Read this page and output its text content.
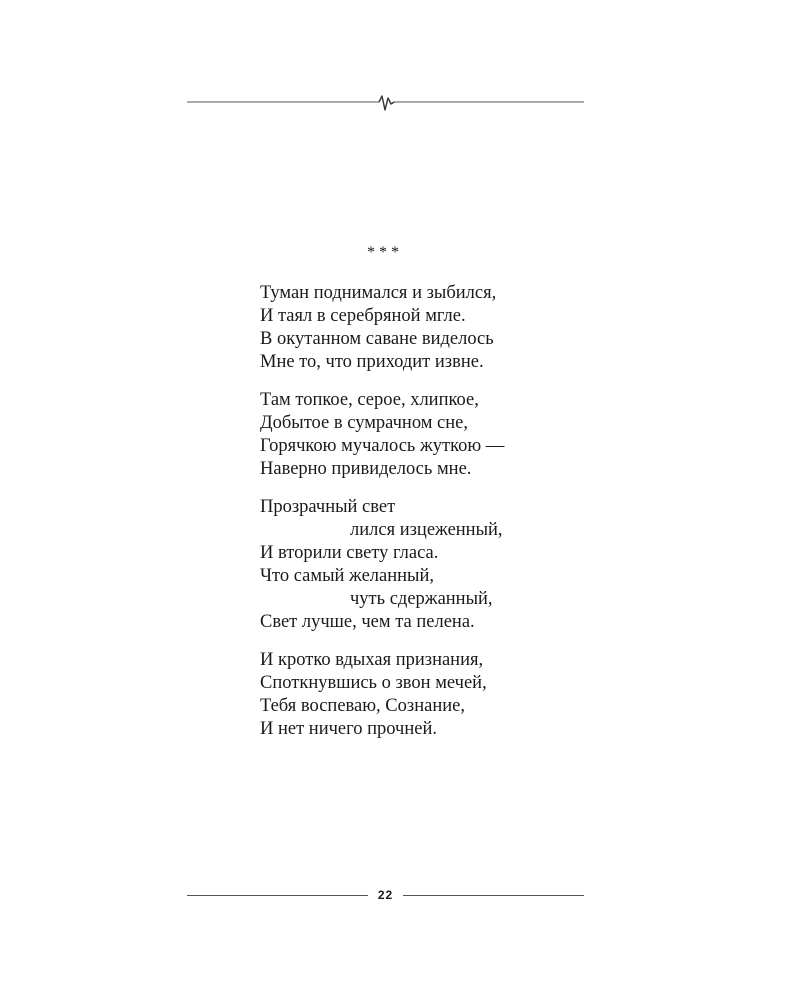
***
Туман поднимался и зыбился,
И таял в серебряной мгле.
В окутанном саване виделось
Мне то, что приходит извне.
Там топкое, серое, хлипкое,
Добытое в сумрачном сне,
Горячкою мучалось жуткою —
Наверно привиделось мне.
Прозрачный свет
лился изцеженный,
И вторили свету гласа.
Что самый желанный,
чуть сдержанный,
Свет лучше, чем та пелена.
И кротко вдыхая признания,
Споткнувшись о звон мечей,
Тебя воспеваю, Сознание,
И нет ничего прочней.
22
